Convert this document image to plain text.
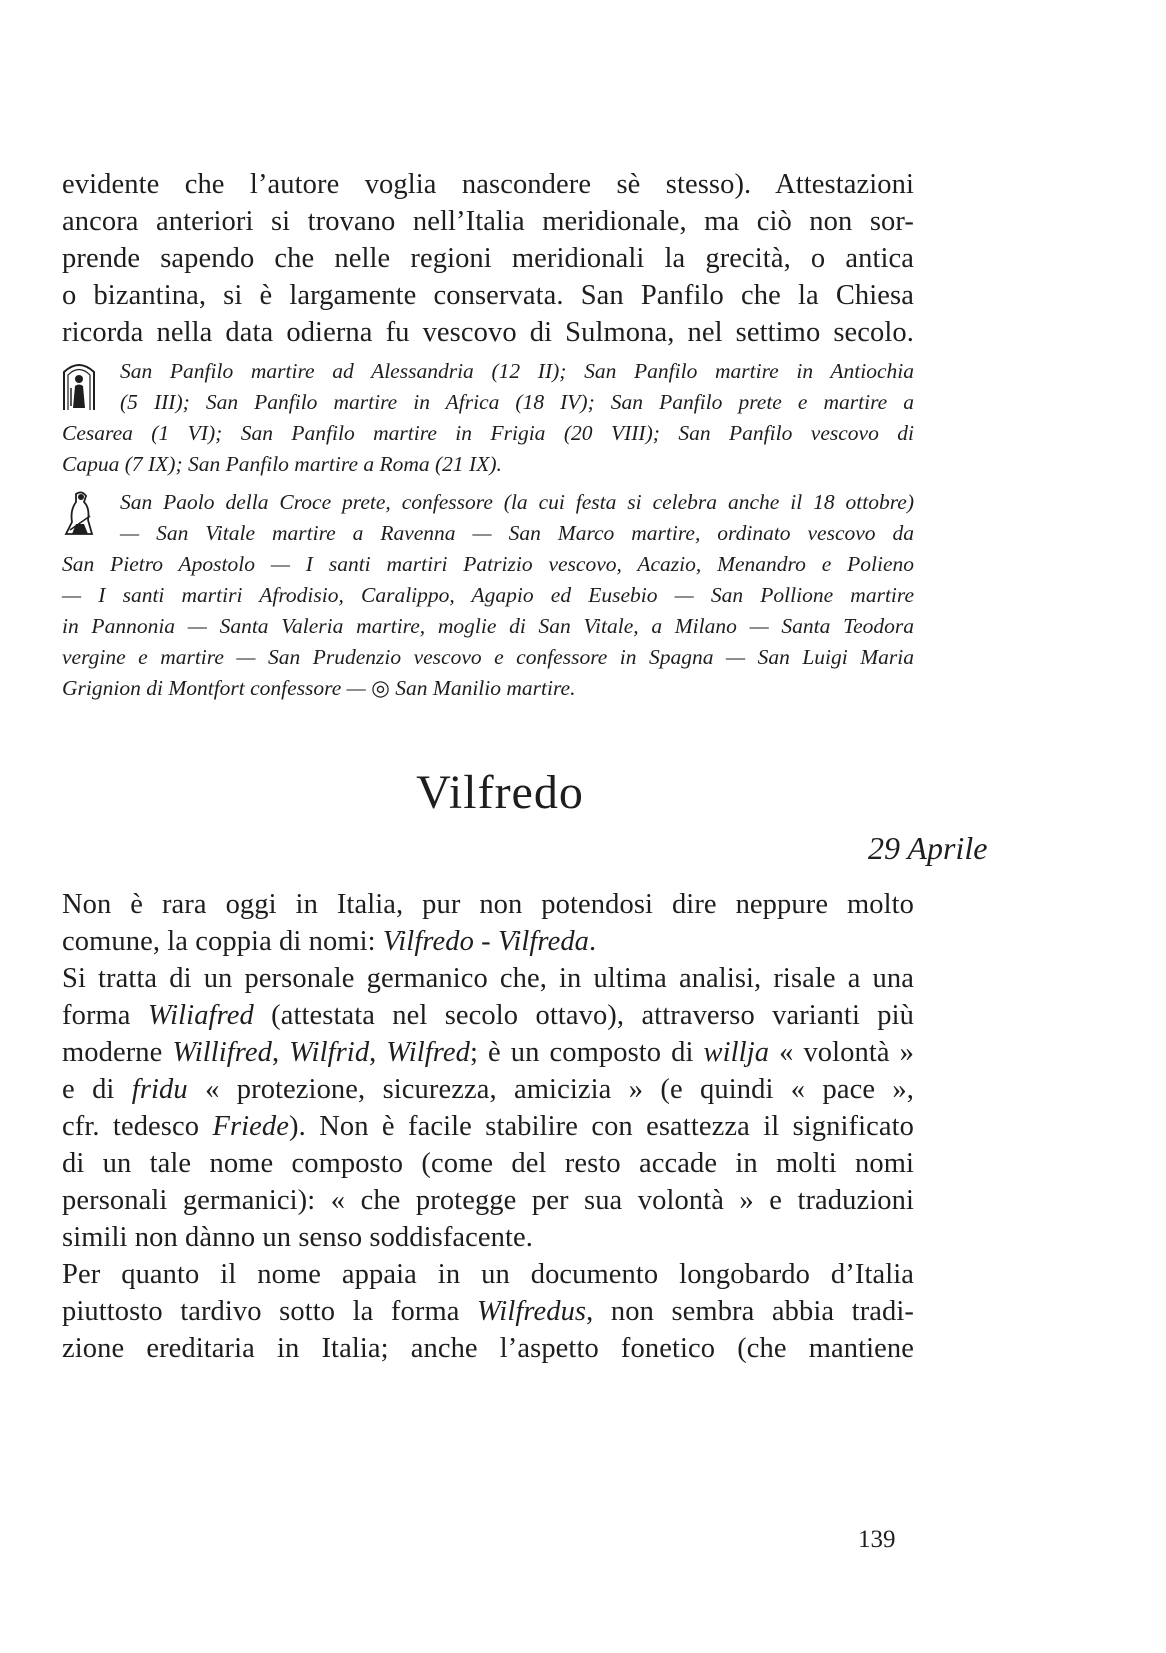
evidente che l’autore voglia nascondere sè stesso). Attestazioni
ancora anteriori si trovano nell’Italia meridionale, ma ciò non sor-
prende sapendo che nelle regioni meridionali la grecità, o antica
o bizantina, si è largamente conservata. San Panfilo che la Chiesa
ricorda nella data odierna fu vescovo di Sulmona, nel settimo secolo.
San Panfilo martire ad Alessandria (12 II); San Panfilo martire in Antiochia
(5 III); San Panfilo martire in Africa (18 IV); San Panfilo prete e martire a
Cesarea (1 VI); San Panfilo martire in Frigia (20 VIII); San Panfilo vescovo di
Capua (7 IX); San Panfilo martire a Roma (21 IX).
San Paolo della Croce prete, confessore (la cui festa si celebra anche il 18 ottobre)
— San Vitale martire a Ravenna — San Marco martire, ordinato vescovo da
San Pietro Apostolo — I santi martiri Patrizio vescovo, Acazio, Menandro e Polieno
— I santi martiri Afrodisio, Caralippo, Agapio ed Eusebio — San Pollione martire
in Pannonia — Santa Valeria martire, moglie di San Vitale, a Milano — Santa Teodora
vergine e martire — San Prudenzio vescovo e confessore in Spagna — San Luigi Maria
Grignion di Montfort confessore — ◎ San Manilio martire.
Vilfredo
29 Aprile
Non è rara oggi in Italia, pur non potendosi dire neppure molto
comune, la coppia di nomi: Vilfredo - Vilfreda.
Si tratta di un personale germanico che, in ultima analisi, risale a una
forma Wiliafred (attestata nel secolo ottavo), attraverso varianti più
moderne Willifred, Wilfrid, Wilfred; è un composto di willja « volontà »
e di fridu « protezione, sicurezza, amicizia » (e quindi « pace »,
cfr. tedesco Friede). Non è facile stabilire con esattezza il significato
di un tale nome composto (come del resto accade in molti nomi
personali germanici): « che protegge per sua volontà » e traduzioni
simili non dànno un senso soddisfacente.
Per quanto il nome appaia in un documento longobardo d’Italia
piuttosto tardivo sotto la forma Wilfredus, non sembra abbia tradi-
zione ereditaria in Italia; anche l’aspetto fonetico (che mantiene
139
